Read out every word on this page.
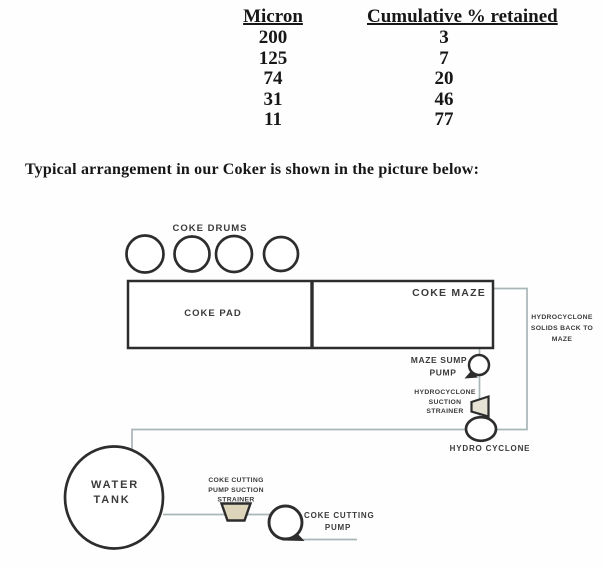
Micron	Cumulative % retained
200	3
125	7
74	20
31	46
11	77

Typical arrangement in our Coker is shown in the picture below:

COKE DRUMS
COKE PAD
COKE MAZE
MAZE SUMP
PUMP
HYDROCYCLONE
SOLIDS BACK TO
MAZE
HYDROCYCLONE
SUCTION
STRAINER
HYDRO CYCLONE
WATER
TANK
COKE CUTTING
PUMP SUCTION
STRAINER
COKE CUTTING
PUMP
